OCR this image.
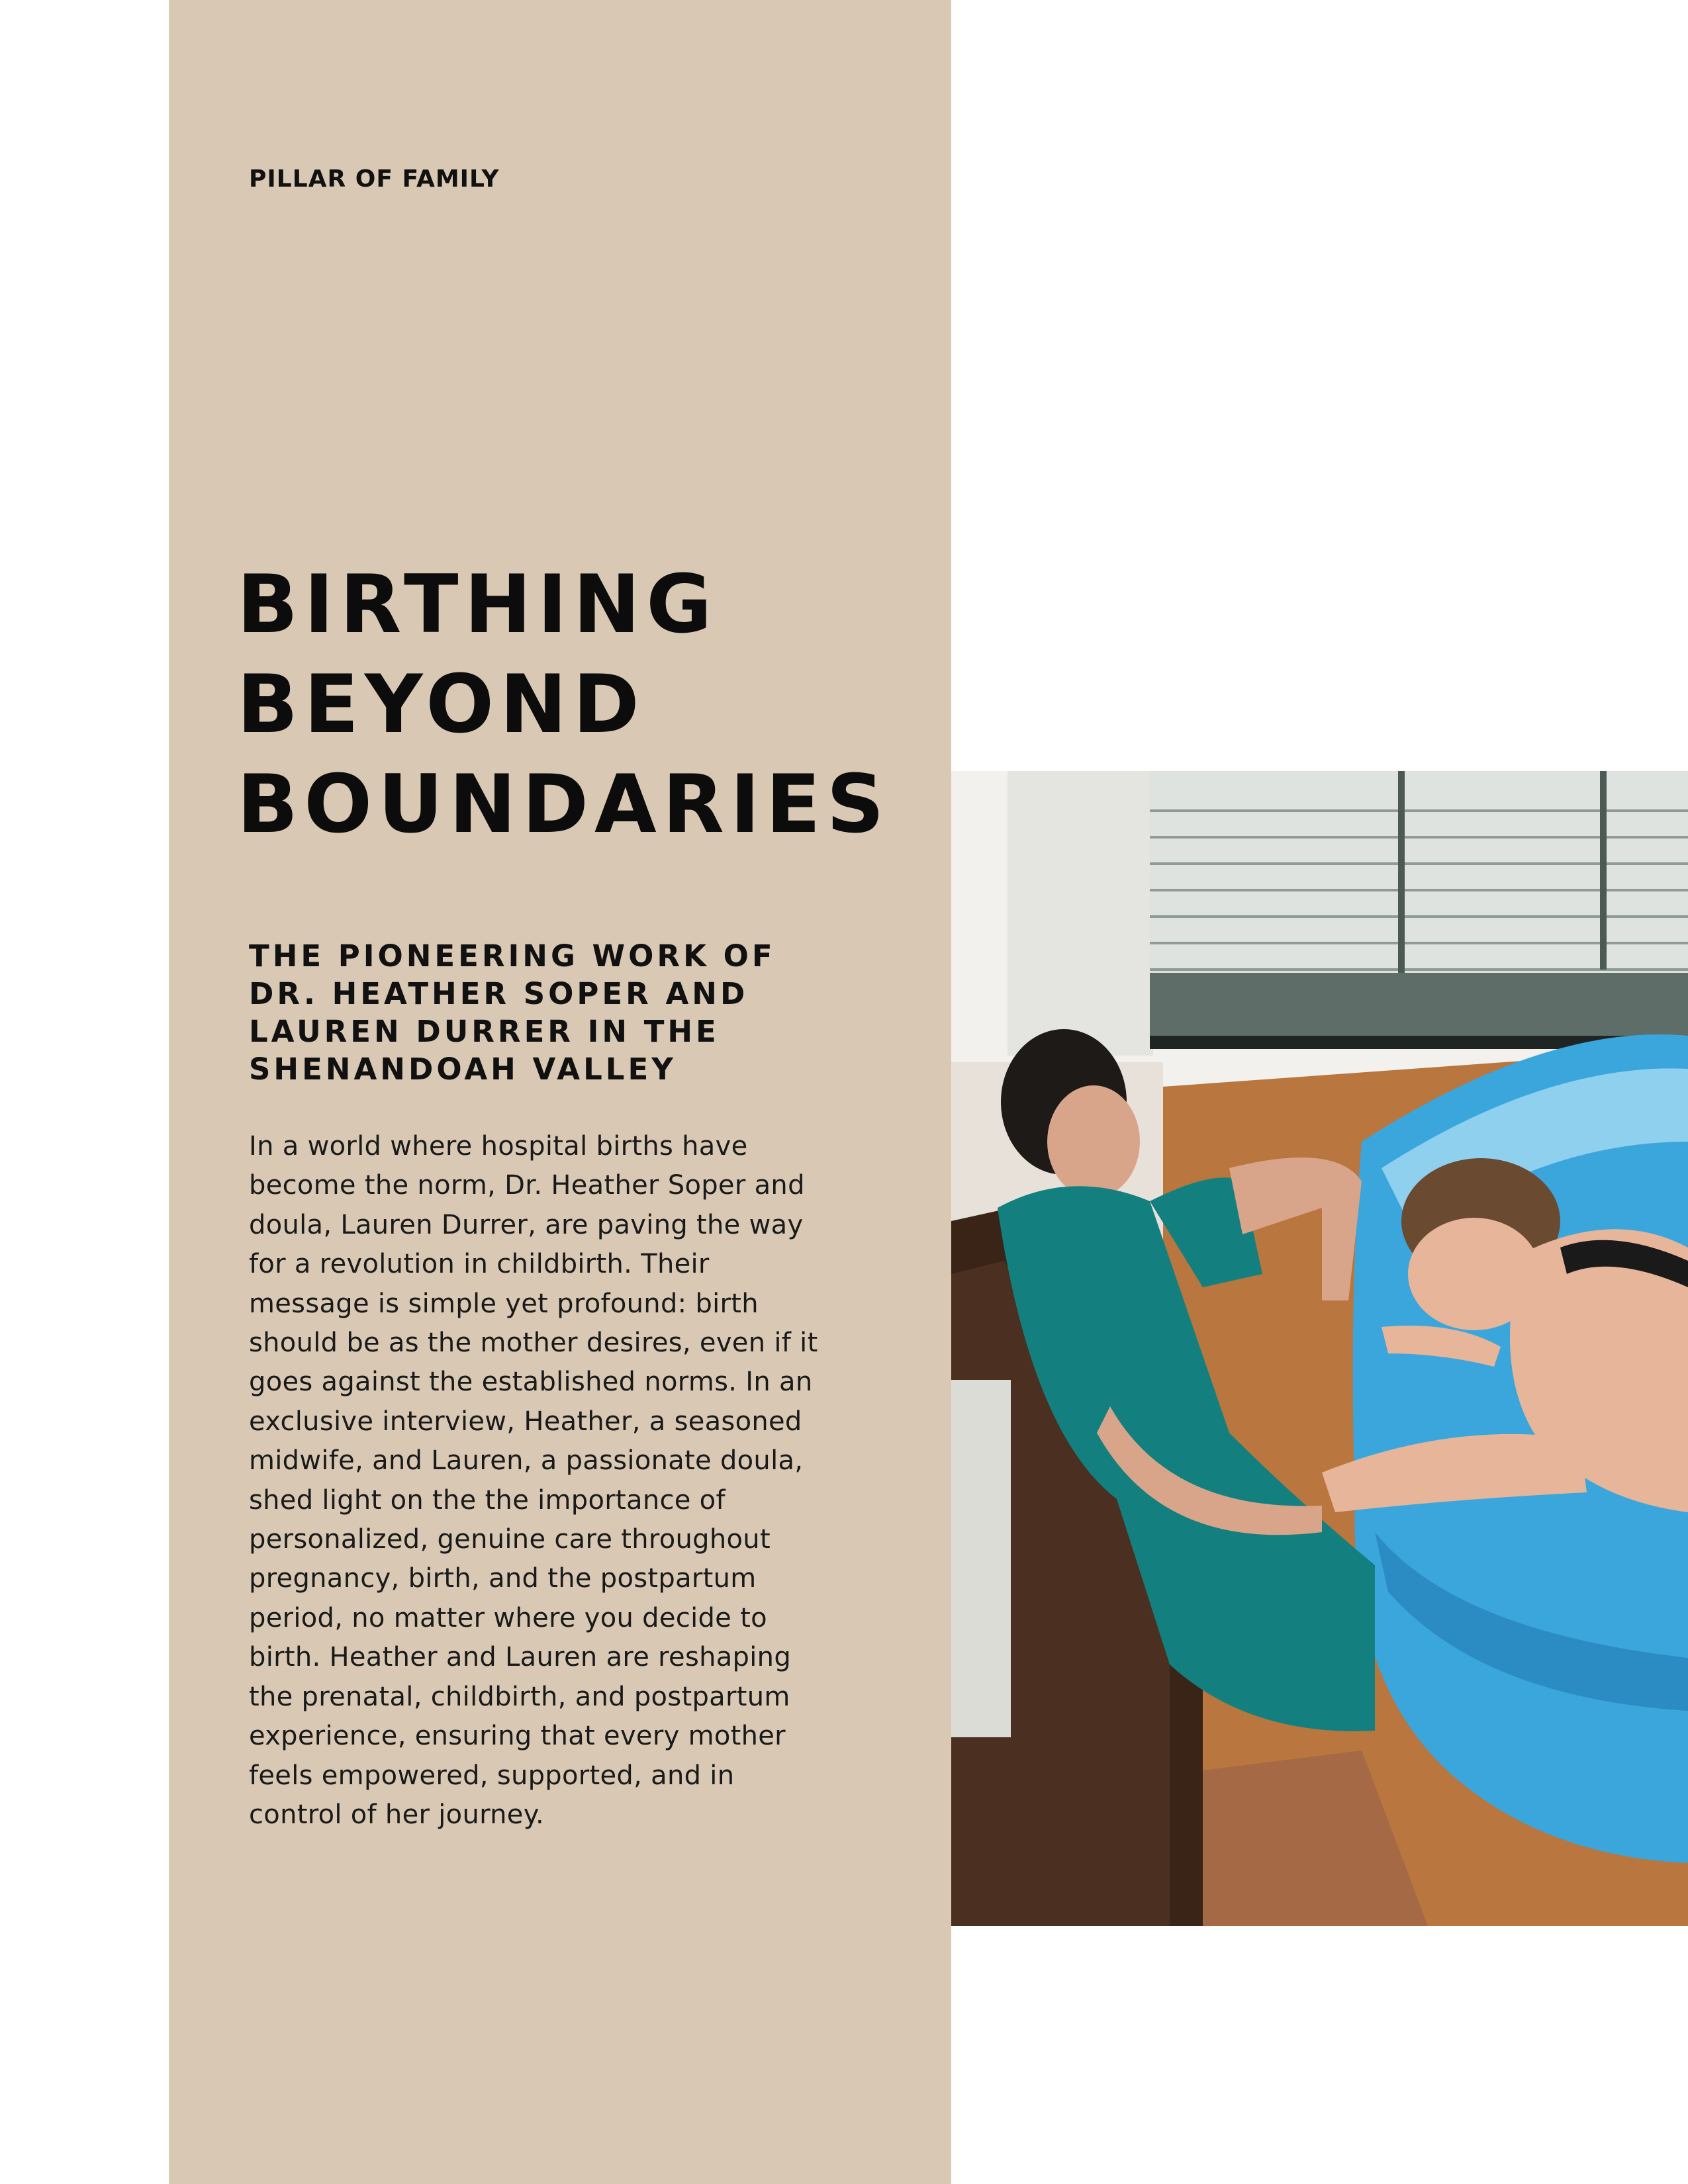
PILLAR OF FAMILY
BIRTHING
BEYOND
BOUNDARIES
THE PIONEERING WORK OF
DR. HEATHER SOPER AND
LAUREN DURRER IN THE
SHENANDOAH VALLEY
In a world where hospital births have
become the norm, Dr. Heather Soper and
doula, Lauren Durrer, are paving the way
for a revolution in childbirth. Their
message is simple yet profound: birth
should be as the mother desires, even if it
goes against the established norms. In an
exclusive interview, Heather, a seasoned
midwife, and Lauren, a passionate doula,
shed light on the the importance of
personalized, genuine care throughout
pregnancy, birth, and the postpartum
period, no matter where you decide to
birth. Heather and Lauren are reshaping
the prenatal, childbirth, and postpartum
experience, ensuring that every mother
feels empowered, supported, and in
control of her journey.
